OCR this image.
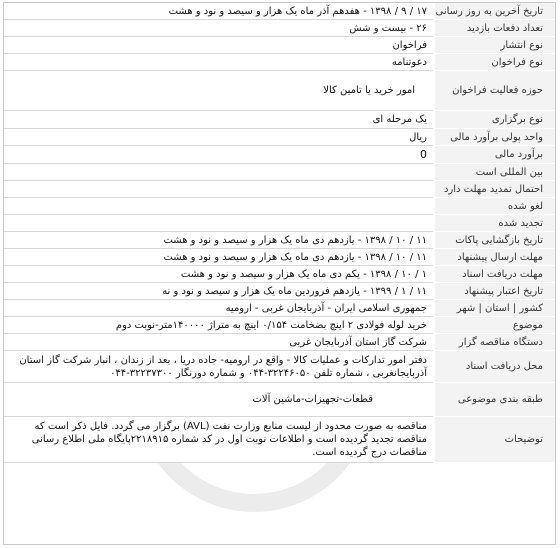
تاریخ آخرین به روز رسانی
۱۷ / ۹ / ۱۳۹۸ - هفدهم آذر ماه یک هزار و سیصد و نود و هشت
تعداد دفعات بازدید
۲۶ - بیست و شش
نوع انتشار
فراخوان
نوع فراخوان
دعوتنامه
حوزه فعالیت فراخوان
امور خرید یا تامین کالا
نوع برگزاری
یک مرحله ای
واحد پولی برآورد مالی
ریال
برآورد مالی
0
بین المللی است
احتمال تمدید مهلت دارد
لغو شده
تجدید شده
تاریخ بازگشایی پاکات
۱۱ / ۱۰ / ۱۳۹۸ - یازدهم دی ماه یک هزار و سیصد و نود و هشت
مهلت ارسال پیشنهاد
۱۱ / ۱۰ / ۱۳۹۸ - یازدهم دی ماه یک هزار و سیصد و نود و هشت
مهلت دریافت اسناد
۱ / ۱۰ / ۱۳۹۸ - یکم دی ماه یک هزار و سیصد و نود و هشت
تاریخ اعتبار پیشنهاد
۱۱ / ۱ / ۱۳۹۹ - یازدهم فروردین ماه یک هزار و سیصد و نود و نه
کشور | استان | شهر
جمهوری اسلامی ایران - آذربایجان غربی - ارومیه
موضوع
خرید لوله فولادی ۲ اینچ بضخامت ۰/۱۵۴ اینچ به متراژ ۱۴۰۰۰۰متر-نوبت دوم
دستگاه مناقصه گزار
شرکت گاز استان آذربایجان غربی
محل دریافت اسناد
دفتر امور تدارکات و عملیات کالا - واقع در ارومیه- جاده دریا ، بعد از زندان ، انبار شرکت گاز استان آذربایجانغربی ، شماره تلفن ۳۲۲۴۶۰۵۰-۰۴۴ و شماره دورنگار ۳۲۲۳۷۳۰۰-۰۴۴
طبقه بندی موضوعی
قطعات-تجهیزات-ماشین آلات
توضیحات
مناقصه به صورت محدود از لیست منابع وزارت نفت (AVL) برگزار می گردد. فایل ذکر است که مناقصه تجدید گردیده است و اطلاعات نوبت اول در کد شماره ۲۲۱۸۹۱۵پایگاه ملی اطلاع رسانی مناقصات درج گردیده است.
